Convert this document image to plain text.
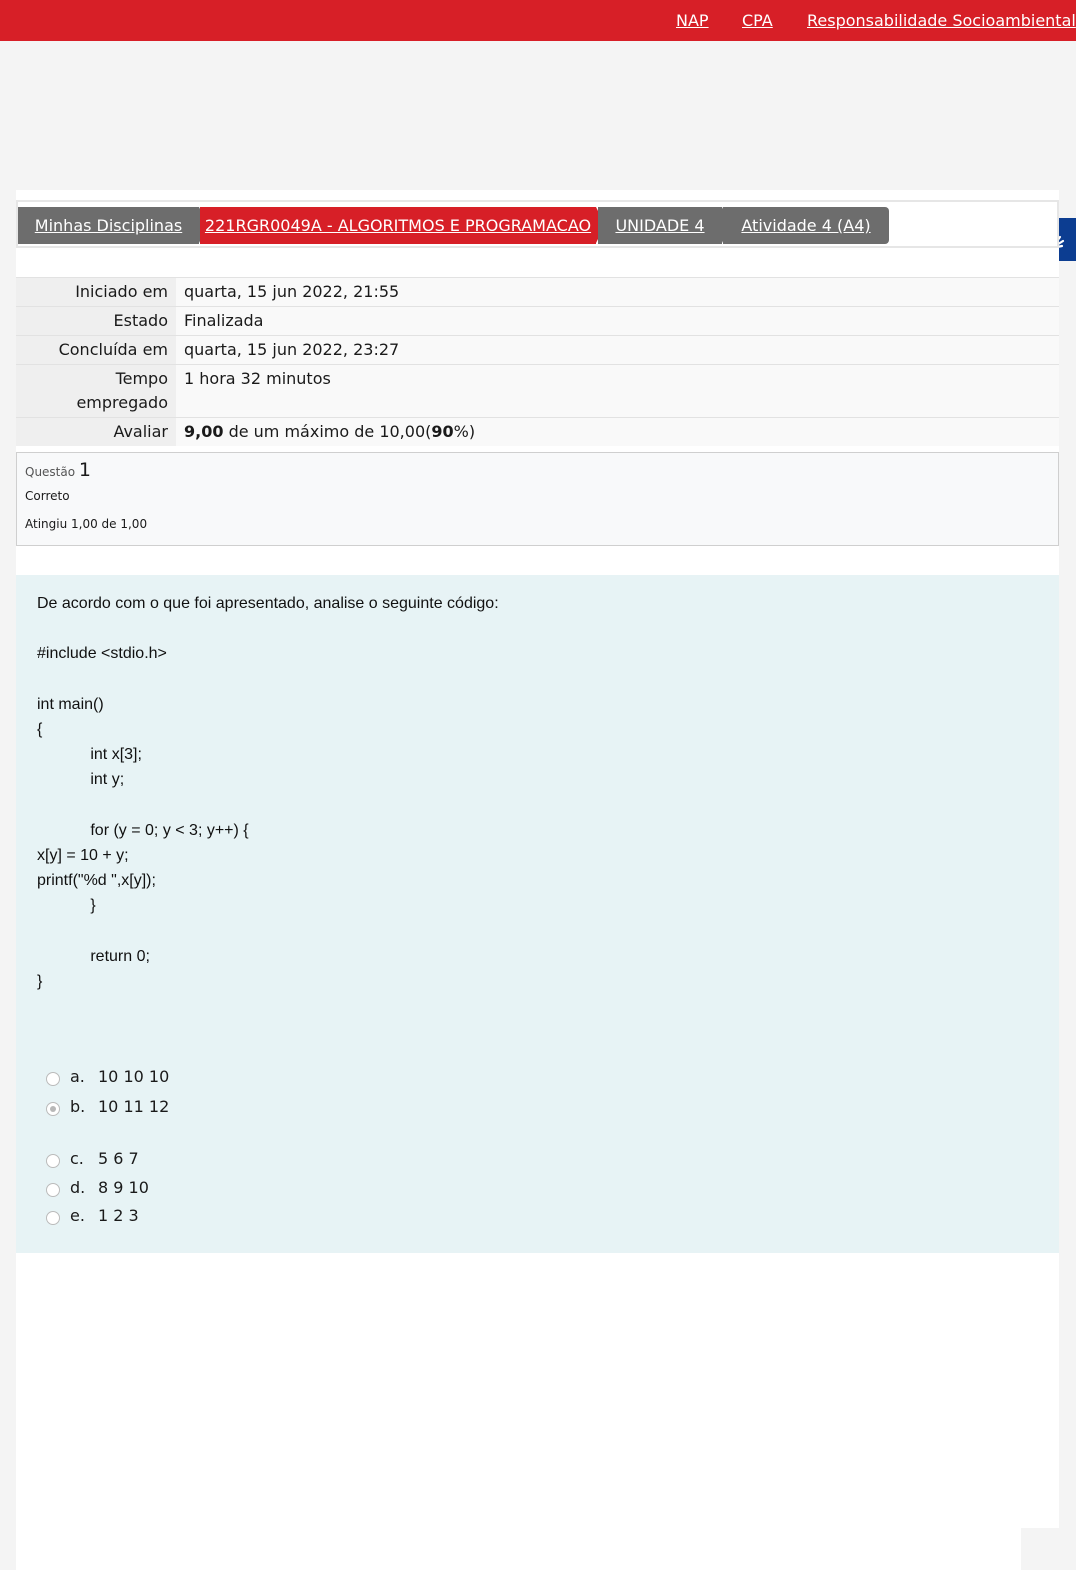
NAP CPA Responsabilidade Socioambiental
Minhas Disciplinas	221RGR0049A - ALGORITMOS E PROGRAMACAO	UNIDADE 4	Atividade 4 (A4)
Iniciado em	quarta, 15 jun 2022, 21:55
Estado	Finalizada
Concluída em	quarta, 15 jun 2022, 23:27
Tempo
empregado	1 hora 32 minutos
Avaliar	9,00 de um máximo de 10,00(90%)
Questão 1
Correto
Atingiu 1,00 de 1,00
De acordo com o que foi apresentado, analise o seguinte código:

#include <stdio.h>

int main()
{
int x[3];
int y;

for (y = 0; y < 3; y++) {
x[y] = 10 + y;
printf("%d ",x[y]);
}

return 0;
}
a. 10 10 10
b. 10 11 12
c. 5 6 7
d. 8 9 10
e. 1 2 3
